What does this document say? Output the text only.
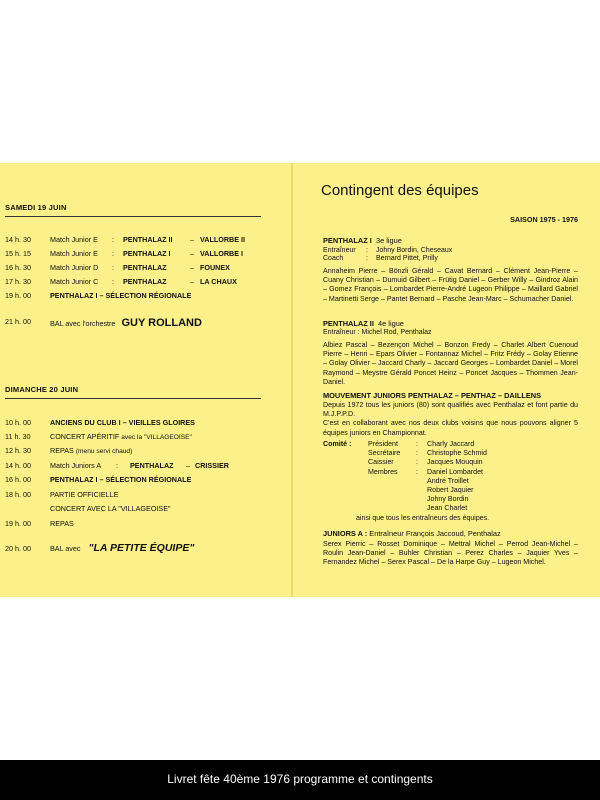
SAMEDI 19 JUIN
14 h. 30	Match Junior E : PENTHALAZ II – VALLORBE II
15 h. 15	Match Junior E : PENTHALAZ I	– VALLORBE I
16 h. 30	Match Junior D : PENTHALAZ	– FOUNEX
17 h. 30	Match Junior C : PENTHALAZ	– LA CHAUX
19 h. 00	PENTHALAZ I – SÉLECTION RÉGIONALE
21 h. 00	BAL avec l'orchestre GUY ROLLAND
DIMANCHE 20 JUIN
10 h. 00	ANCIENS DU CLUB I – VIEILLES GLOIRES
11 h. 30	CONCERT APÉRITIF avec la "VILLAGEOISE"
12 h. 30	REPAS (menu servi chaud)
14 h. 00	Match Juniors A : PENTHALAZ – CRISSIER
16 h. 00	PENTHALAZ I – SÉLECTION RÉGIONALE
18 h. 00	PARTIE OFFICIELLE
CONCERT AVEC LA "VILLAGEOISE"
19 h. 00	REPAS
20 h. 00	BAL avec "LA PETITE ÉQUIPE"
Contingent des équipes
SAISON 1975 - 1976
PENTHALAZ I 3e ligue
Entraîneur : Johny Bordin, Cheseaux
Coach	: Bernard Pittet, Prilly
Annaheim Pierre – Bönzli Gérald – Cavat Bernard – Clément Jean-Pierre – Cuany Christian – Dumuid Gilbert – Frütig Daniel – Gerber Willy – Gindroz Alain – Gomez François – Lombardet Pierre-André Lugeon Philippe – Maillard Gabriel – Martinetti Serge – Pantet Bernard – Pasche Jean-Marc – Schumacher Daniel.
PENTHALAZ II 4e ligue
Entraîneur : Michel Rod, Penthalaz
Albiez Pascal – Bezençon Michel – Bonzon Fredy – Charlet Albert Cuenoud Pierre – Henri – Epars Olivier – Fontannaz Michel – Fritz Frédy – Golay Etienne – Golay Olivier – Jaccard Charly – Jaccard Georges – Lombardet Daniel – Morel Raymond – Meystre Gérald Poncet Heinz – Poncet Jacques – Thommen Jean-Daniel.
MOUVEMENT JUNIORS PENTHALAZ – PENTHAZ – DAILLENS

Depuis 1972 tous les juniors (80) sont qualifiés avec Penthalaz et font partie du M.J.P.P.D.

C'est en collaborant avec nos deux clubs voisins que nous pouvons aligner 5 équipes juniors en Championnat.

Comité : Président	: Charly Jaccard
Secrétaire : Christophe Schmid
Caissier	: Jacques Mouquin
Membres	: Daniel Lombardet
André Troillet
Robert Jaquier
Johny Bordin
Jean Charlet
ainsi que tous les entraîneurs des équipes.
JUNIORS A : Entraîneur François Jaccoud, Penthalaz
Serex Pierric – Rosset Dominique – Mettral Michel – Perrod Jean-Michel – Roulin Jean-Daniel – Buhler Christian – Perez Charles – Jaquier Yves – Fernandez Michel – Serex Pascal – De la Harpe Guy – Lugeon Michel.
Livret fête 40ème 1976 programme et contingents
